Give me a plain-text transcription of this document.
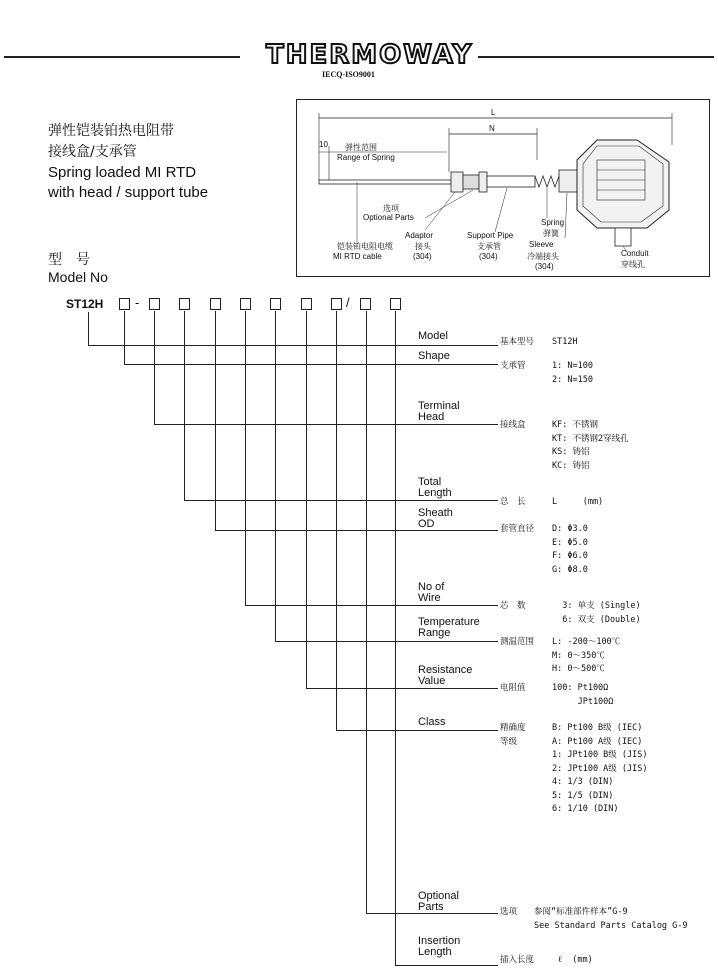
THERMOWAY
IECQ-ISO9001
弹性铠装铂热电阻带
接线盒/支承管
Spring loaded MI RTD
with head / support tube
L
N
10 弹性范围
Range of Spring
选项
Optional Parts
铠装铂电阻电缆
MI RTD cable
Adaptor
接头
(304)
Support Pipe
支承管
(304)
Spring
弹簧
Sleeve
冷端接头
(304)
Conduit
穿线孔
型　号
Model No
ST12H -	/
Model
Shape
Terminal
Head
Total
Length
Sheath
OD
No of
Wire
Temperature
Range
Resistance
Value
Class
Optional
Parts
Insertion
Length
基本型号
支承管
接线盒
总　长
套管直径
芯　数
测温范围
电阻值
精确度
等级
选项
插入长度
ST12H
1: N=100
2: N=150
KF: 不锈钢
KT: 不锈钢2穿线孔
KS: 铸铝
KC: 铸铝
L     (mm)
D: Φ3.0
E: Φ5.0
F: Φ6.0
G: Φ8.0
3: 单支 (Single)
6: 双支 (Double)
L: -200～100℃
M: 0～350℃
H: 0～500℃
100: Pt100Ω
JPt100Ω
B: Pt100 B级 (IEC)
A: Pt100 A级 (IEC)
1: JPt100 B级 (JIS)
2: JPt100 A级 (JIS)
4: 1/3 (DIN)
5: 1/5 (DIN)
6: 1/10 (DIN)
参阅“标准部件样本”G-9
See Standard Parts Catalog G-9
ℓ  (mm)
